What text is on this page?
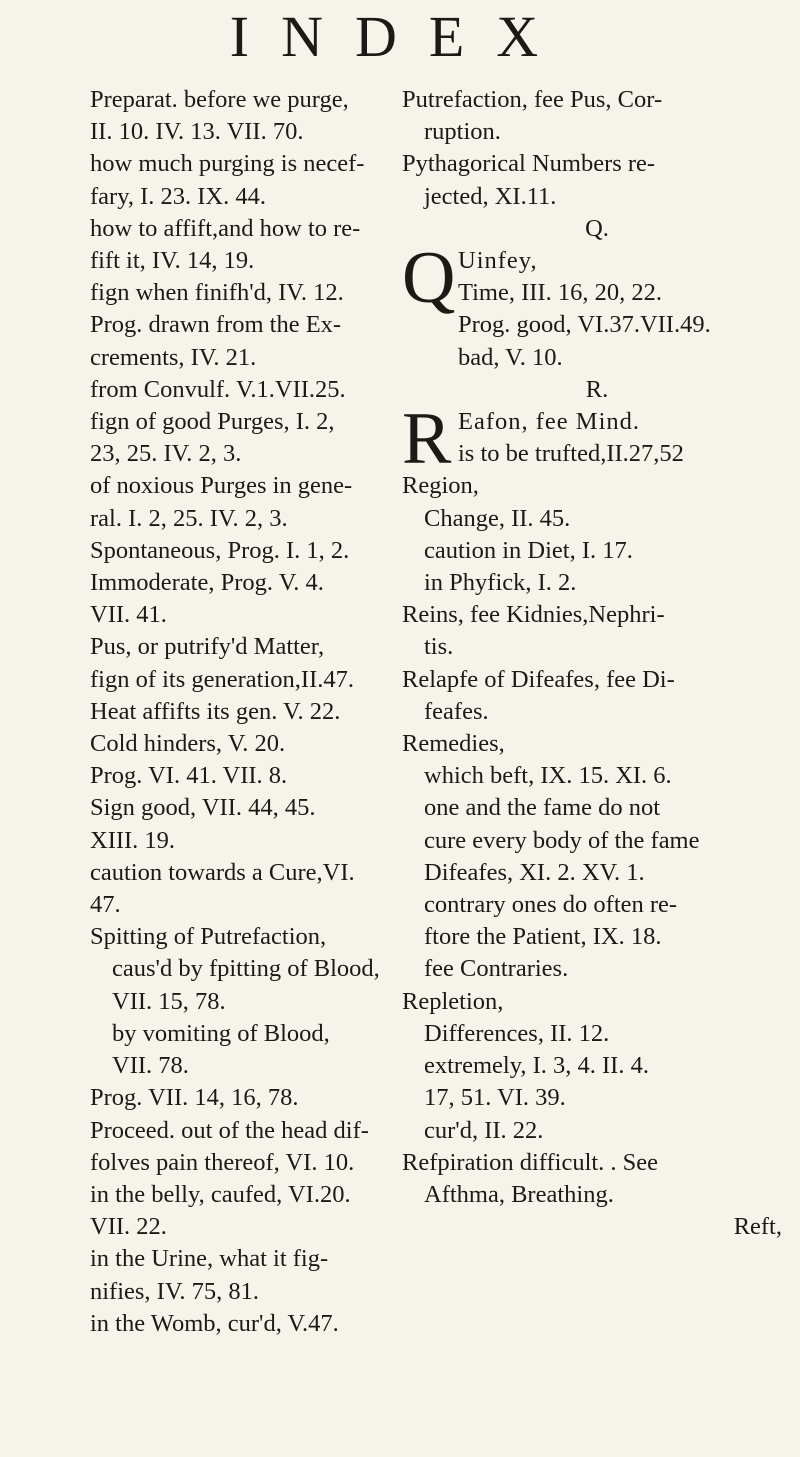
INDEX
Preparat. before we purge,
II. 10. IV. 13. VII. 70.
how much purging is necef-
fary, I. 23. IX. 44.
how to affift,and how to re-
fift it, IV. 14, 19.
fign when finifh'd, IV. 12.
Prog. drawn from the Ex-
crements, IV. 21.
from Convulf. V.1.VII.25.
fign of good Purges, I. 2,
23, 25. IV. 2, 3.
of noxious Purges in gene-
ral. I. 2, 25. IV. 2, 3.
Spontaneous, Prog. I. 1, 2.
Immoderate, Prog. V. 4.
VII. 41.
Pus, or putrify'd Matter,
fign of its generation,II.47.
Heat affifts its gen. V. 22.
Cold hinders, V. 20.
Prog. VI. 41. VII. 8.
Sign good, VII. 44, 45.
XIII. 19.
caution towards a Cure,VI.
47.
Spitting of Putrefaction,
caus'd by fpitting of Blood,
VII. 15, 78.
by vomiting of Blood,
VII. 78.
Prog. VII. 14, 16, 78.
Proceed. out of the head dif-
folves pain thereof, VI. 10.
in the belly, caufed, VI.20.
VII. 22.
in the Urine, what it fig-
nifies, IV. 75, 81.
in the Womb, cur'd, V.47.
Putrefaction, fee Pus, Cor-
ruption.
Pythagorical Numbers re-
jected, XI.11.
Q.
Q Uinfey,
Time, III. 16, 20, 22.
Prog. good, VI.37.VII.49.
bad, V. 10.
R.
R Eafon, fee Mind.
is to be trufted,II.27,52
Region,
Change, II. 45.
caution in Diet, I. 17.
in Phyfick, I. 2.
Reins, fee Kidnies,Nephri-
tis.
Relapfe of Difeafes, fee Di-
feafes.
Remedies,
which beft, IX. 15. XI. 6.
one and the fame do not
cure every body of the fame
Difeafes, XI. 2. XV. 1.
contrary ones do often re-
ftore the Patient, IX. 18.
fee Contraries.
Repletion,
Differences, II. 12.
extremely, I. 3, 4. II. 4.
17, 51. VI. 39.
cur'd, II. 22.
Refpiration difficult. . See
Afthma, Breathing.
Reft,
